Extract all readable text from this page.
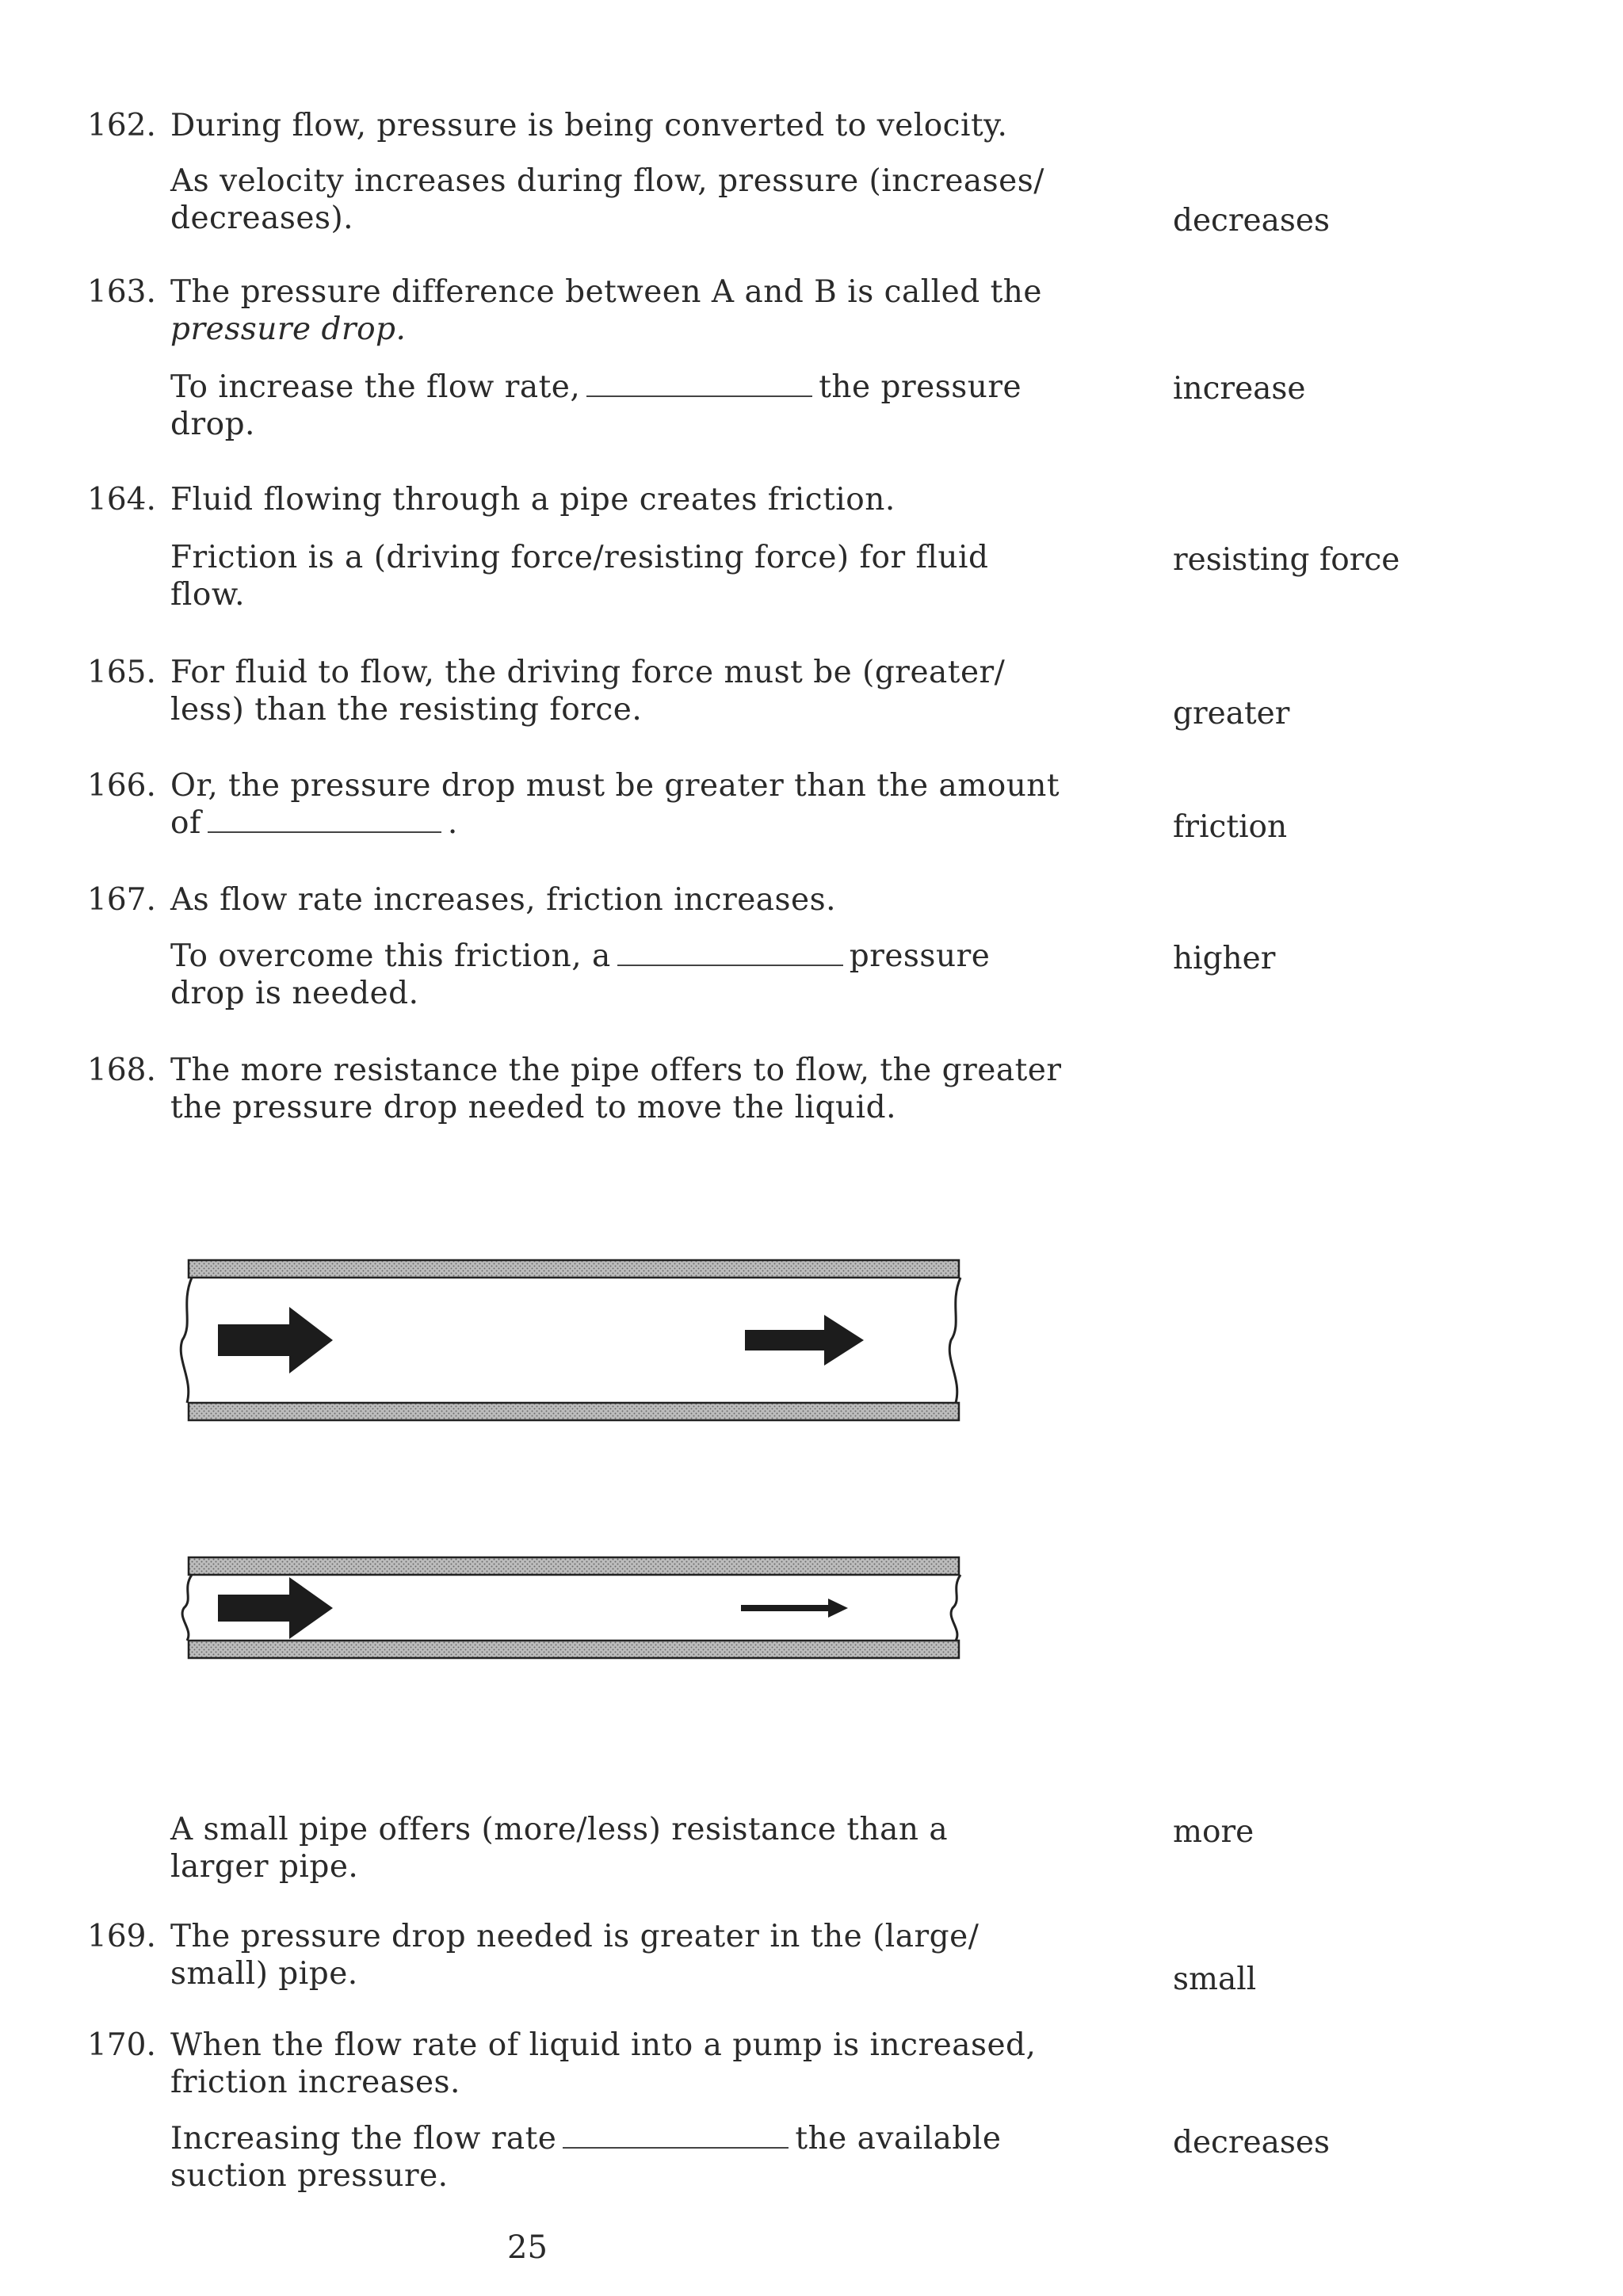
162. During flow, pressure is being converted to velocity.
As velocity increases during flow, pressure (increases/
decreases).	decreases
163. The pressure difference between A and B is called the
pressure drop.
To increase the flow rate,	the pressure
drop.
increase
164. Fluid flowing through a pipe creates friction.
Friction is a (driving force/resisting force) for fluid
flow.
resisting force
165. For fluid to flow, the driving force must be (greater/
less) than the resisting force.	greater
166. Or, the pressure drop must be greater than the amount
of	.	friction
167. As flow rate increases, friction increases.
To overcome this friction, a	pressure
drop is needed.
higher
168. The more resistance the pipe offers to flow, the greater
the pressure drop needed to move the liquid.
A small pipe offers (more/less) resistance than a
larger pipe.
more
169. The pressure drop needed is greater in the (large/
small) pipe.	small
170. When the flow rate of liquid into a pump is increased,
friction increases.
Increasing the flow rate	the available
suction pressure.
decreases
25
